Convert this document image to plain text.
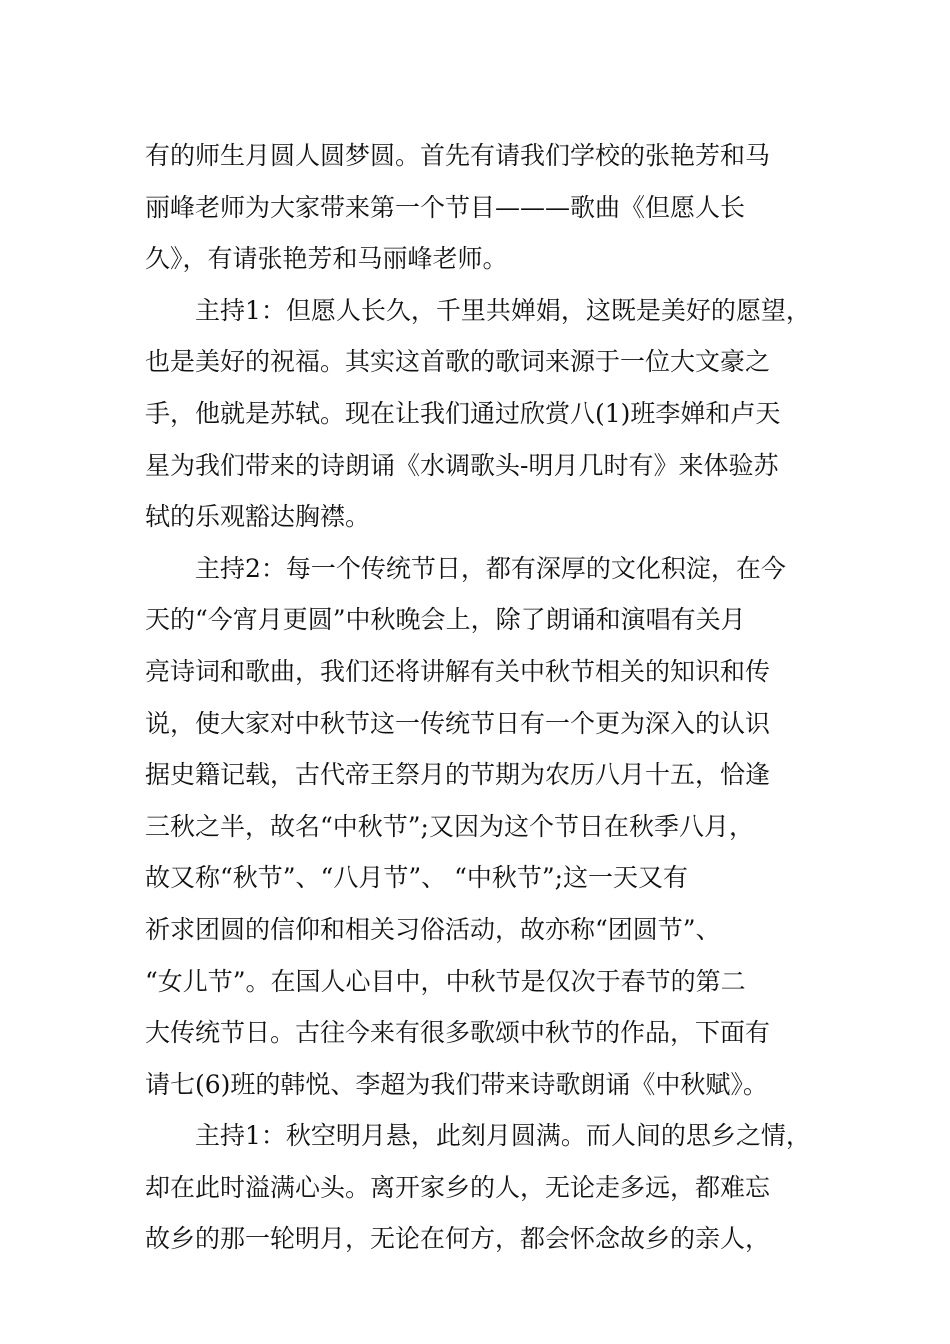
有的师生月圆人圆梦圆。首先有请我们学校的张艳芳和马
丽峰老师为大家带来第一个节目———歌曲《但愿人长
久》，有请张艳芳和马丽峰老师。
主持1：但愿人长久，千里共婵娟，这既是美好的愿望，
也是美好的祝福。其实这首歌的歌词来源于一位大文豪之
手，他就是苏轼。现在让我们通过欣赏八(1)班李婵和卢天
星为我们带来的诗朗诵《水调歌头-明月几时有》来体验苏
轼的乐观豁达胸襟。
主持2：每一个传统节日，都有深厚的文化积淀，在今
天的“今宵月更圆”中秋晚会上，除了朗诵和演唱有关月
亮诗词和歌曲，我们还将讲解有关中秋节相关的知识和传
说，使大家对中秋节这一传统节日有一个更为深入的认识
据史籍记载，古代帝王祭月的节期为农历八月十五，恰逢
三秋之半，故名“中秋节”;又因为这个节日在秋季八月，
故又称“秋节”、“八月节”、 “中秋节”;这一天又有
祈求团圆的信仰和相关习俗活动，故亦称“团圆节”、
“女儿节”。在国人心目中，中秋节是仅次于春节的第二
大传统节日。古往今来有很多歌颂中秋节的作品，下面有
请七(6)班的韩悦、李超为我们带来诗歌朗诵《中秋赋》。
主持1：秋空明月悬，此刻月圆满。而人间的思乡之情，
却在此时溢满心头。离开家乡的人，无论走多远，都难忘
故乡的那一轮明月，无论在何方，都会怀念故乡的亲人，
